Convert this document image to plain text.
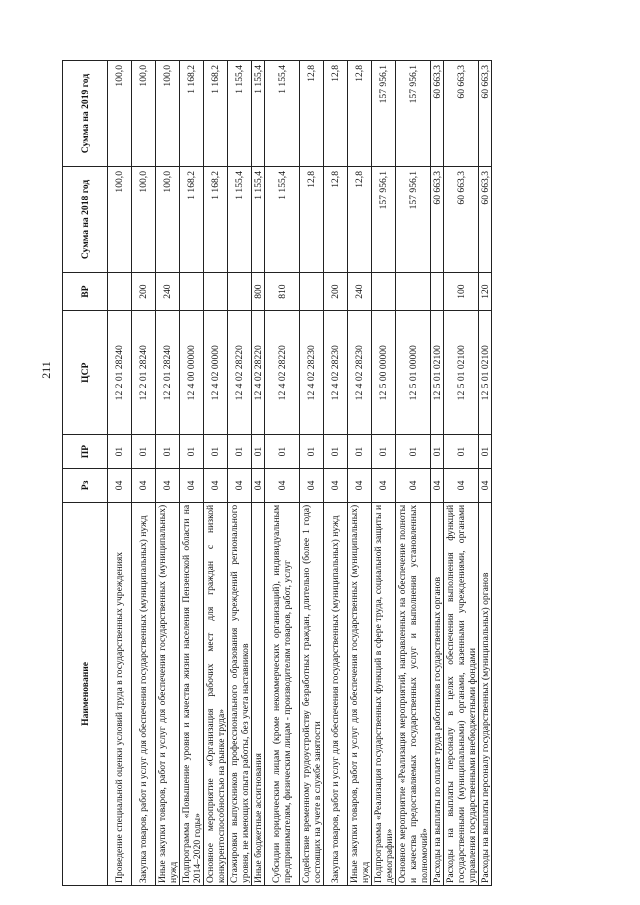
211
Наименование	Рз	ПР	ЦСР	ВР	Сумма на 2018 год	Сумма на 2019 год
Проведение специальной оценки условий труда в государственных учреждениях	04	01	12 2 01 28240		100,0	100,0
Закупка товаров, работ и услуг для обеспечения государственных (муниципальных) нужд	04	01	12 2 01 28240	200	100,0	100,0
Иные закупки товаров, работ и услуг для обеспечения государственных (муниципальных) нужд	04	01	12 2 01 28240	240	100,0	100,0
Подпрограмма «Повышение уровня и качества жизни населения Пензенской области на 2014–2020 годы»	04	01	12 4 00 00000		1 168,2	1 168,2
Основное мероприятие «Организация рабочих мест для граждан с низкой конкурентоспособностью на рынке труда»	04	01	12 4 02 00000		1 168,2	1 168,2
Стажировки выпускников профессионального образования учреждений регионального уровня, не имеющих опыта работы, без учета наставников	04	01	12 4 02 28220		1 155,4	1 155,4
Иные бюджетные ассигнования	04	01	12 4 02 28220	800	1 155,4	1 155,4
Субсидии юридическим лицам (кроме некоммерческих организаций), индивидуальным предпринимателям, физическим лицам - производителям товаров, работ, услуг	04	01	12 4 02 28220	810	1 155,4	1 155,4
Содействие временному трудоустройству безработных граждан, длительно (более 1 года) состоящих на учете в службе занятости	04	01	12 4 02 28230		12,8	12,8
Закупка товаров, работ и услуг для обеспечения государственных (муниципальных) нужд	04	01	12 4 02 28230	200	12,8	12,8
Иные закупки товаров, работ и услуг для обеспечения государственных (муниципальных) нужд	04	01	12 4 02 28230	240	12,8	12,8
Подпрограмма «Реализация государственных функций в сфере труда, социальной защиты и демографии»	04	01	12 5 00 00000		157 956,1	157 956,1
Основное мероприятие «Реализация мероприятий, направленных на обеспечение полноты и качества предоставляемых государственных услуг и выполнения установленных полномочий»	04	01	12 5 01 00000		157 956,1	157 956,1
Расходы на выплаты по оплате труда работников государственных органов	04	01	12 5 01 02100		60 663,3	60 663,3
Расходы на выплаты персоналу в целях обеспечения выполнения функций государственными (муниципальными) органами, казенными учреждениями, органами управления государственными внебюджетными фондами	04	01	12 5 01 02100	100	60 663,3	60 663,3
Расходы на выплаты персоналу государственных (муниципальных) органов	04	01	12 5 01 02100	120	60 663,3	60 663,3
